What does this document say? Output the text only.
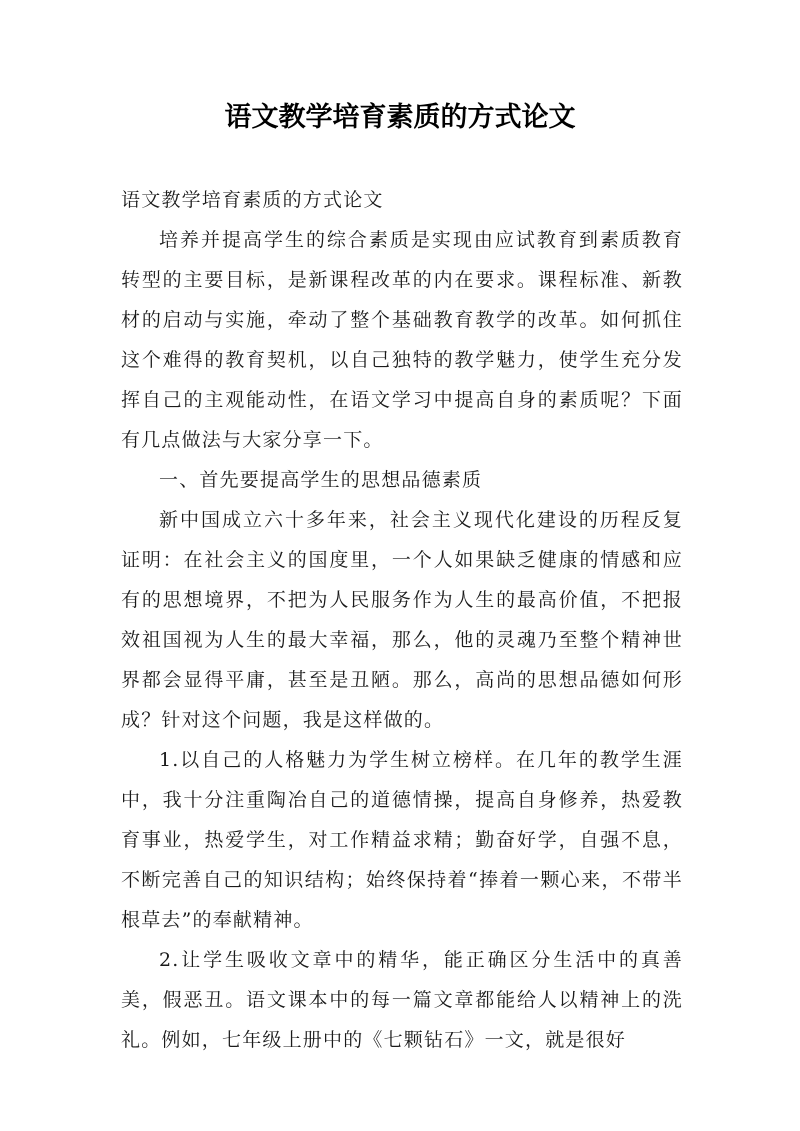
语文教学培育素质的方式论文

语文教学培育素质的方式论文

培养并提高学生的综合素质是实现由应试教育到素质教育转型的主要目标，是新课程改革的内在要求。课程标准、新教材的启动与实施，牵动了整个基础教育教学的改革。如何抓住这个难得的教育契机，以自己独特的教学魅力，使学生充分发挥自己的主观能动性，在语文学习中提高自身的素质呢？下面有几点做法与大家分享一下。

一、首先要提高学生的思想品德素质

新中国成立六十多年来，社会主义现代化建设的历程反复证明：在社会主义的国度里，一个人如果缺乏健康的情感和应有的思想境界，不把为人民服务作为人生的最高价值，不把报效祖国视为人生的最大幸福，那么，他的灵魂乃至整个精神世界都会显得平庸，甚至是丑陋。那么，高尚的思想品德如何形成？针对这个问题，我是这样做的。

1.以自己的人格魅力为学生树立榜样。在几年的教学生涯中，我十分注重陶冶自己的道德情操，提高自身修养，热爱教育事业，热爱学生，对工作精益求精；勤奋好学，自强不息，不断完善自己的知识结构；始终保持着“捧着一颗心来，不带半根草去”的奉献精神。

2.让学生吸收文章中的精华，能正确区分生活中的真善美，假恶丑。语文课本中的每一篇文章都能给人以精神上的洗礼。例如，七年级上册中的《七颗钻石》一文，就是很好
